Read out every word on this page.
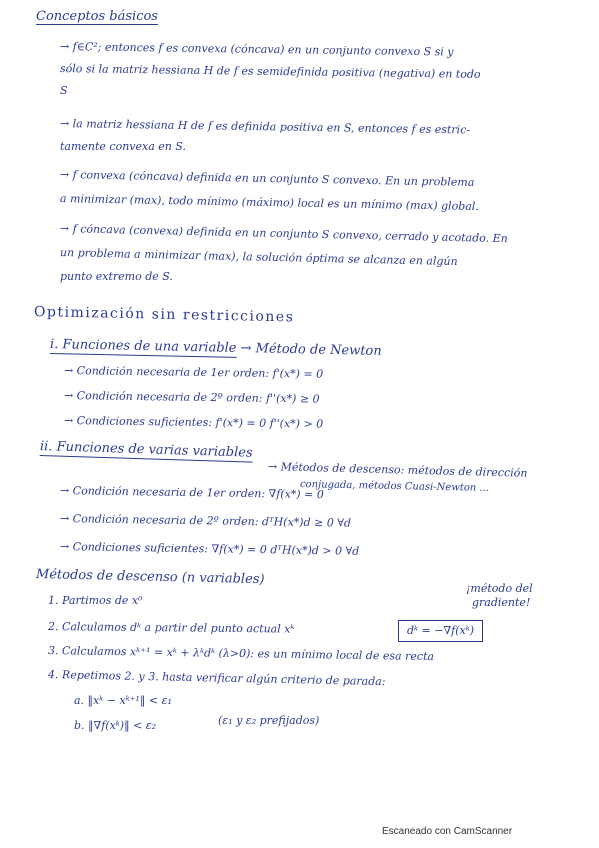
Conceptos básicos
→ f∈C²; entonces f es convexa (cóncava) en un conjunto convexo S si y
sólo si la matriz hessiana H de f es semidefinida positiva (negativa) en todo
S
→ la matriz hessiana H de f es definida positiva en S, entonces f es estric-
tamente convexa en S.
→ f convexa (cóncava) definida en un conjunto S convexo. En un problema
a minimizar (max), todo mínimo (máximo) local es un mínimo (max) global.
→ f cóncava (convexa) definida en un conjunto S convexo, cerrado y acotado. En
un problema a minimizar (max), la solución óptima se alcanza en algún
punto extremo de S.
Optimización sin restricciones
i. Funciones de una variable → Método de Newton
→ Condición necesaria de 1er orden: f'(x*) = 0
→ Condición necesaria de 2º orden: f''(x*) ≥ 0
→ Condiciones suficientes: f'(x*) = 0 f''(x*) > 0
ii. Funciones de varias variables
→ Métodos de descenso: métodos de dirección
conjugada, métodos Cuasi-Newton ...
→ Condición necesaria de 1er orden: ∇f(x*) = 0
→ Condición necesaria de 2º orden: dᵀH(x*)d ≥ 0 ∀d
→ Condiciones suficientes: ∇f(x*) = 0 dᵀH(x*)d > 0 ∀d
Métodos de descenso (n variables)
¡método del
gradiente!
dᵏ = −∇f(xᵏ)
1. Partimos de x⁰
2. Calculamos dᵏ a partir del punto actual xᵏ
3. Calculamos xᵏ⁺¹ = xᵏ + λᵏdᵏ (λ>0): es un mínimo local de esa recta
4. Repetimos 2. y 3. hasta verificar algún criterio de parada:
a. ‖xᵏ − xᵏ⁺¹‖ < ε₁
b. ‖∇f(xᵏ)‖ < ε₂	(ε₁ y ε₂ prefijados)
Escaneado con CamScanner
